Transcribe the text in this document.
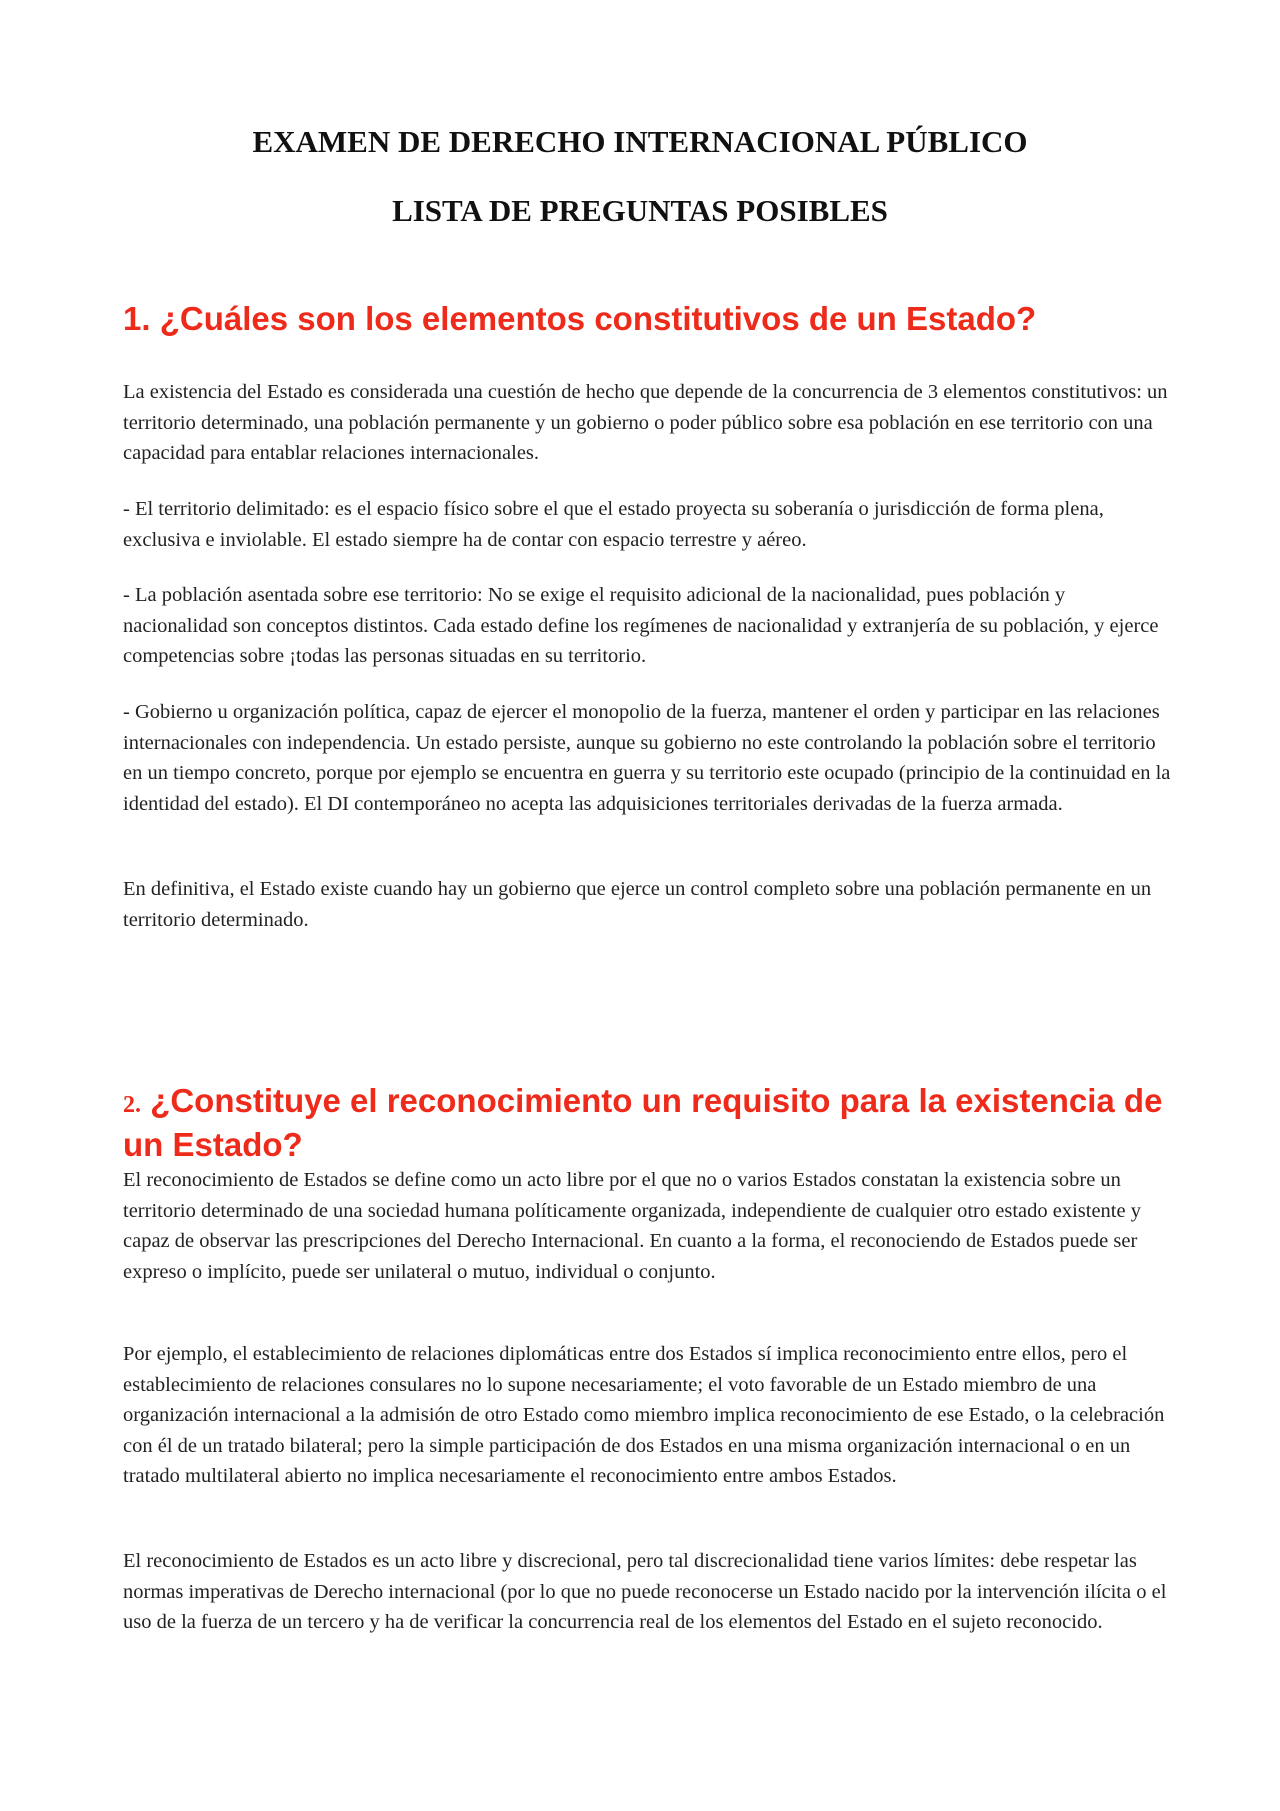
EXAMEN DE DERECHO INTERNACIONAL PÚBLICO
LISTA DE PREGUNTAS POSIBLES
1. ¿Cuáles son los elementos constitutivos de un Estado?

La existencia del Estado es considerada una cuestión de hecho que depende de la concurrencia de 3 elementos constitutivos: un territorio determinado, una población permanente y un gobierno o poder público sobre esa población en ese territorio con una capacidad para entablar relaciones internacionales.

- El territorio delimitado: es el espacio físico sobre el que el estado proyecta su soberanía o jurisdicción de forma plena, exclusiva e inviolable. El estado siempre ha de contar con espacio terrestre y aéreo.

- La población asentada sobre ese territorio: No se exige el requisito adicional de la nacionalidad, pues población y nacionalidad son conceptos distintos. Cada estado define los regímenes de nacionalidad y extranjería de su población, y ejerce competencias sobre ¡todas las personas situadas en su territorio.

- Gobierno u organización política, capaz de ejercer el monopolio de la fuerza, mantener el orden y participar en las relaciones internacionales con independencia. Un estado persiste, aunque su gobierno no este controlando la población sobre el territorio en un tiempo concreto, porque por ejemplo se encuentra en guerra y su territorio este ocupado (principio de la continuidad en la identidad del estado). El DI contemporáneo no acepta las adquisiciones territoriales derivadas de la fuerza armada.

En definitiva, el Estado existe cuando hay un gobierno que ejerce un control completo sobre una población permanente en un territorio determinado.

2. ¿Constituye el reconocimiento un requisito para la existencia de un Estado?

El reconocimiento de Estados se define como un acto libre por el que no o varios Estados constatan la existencia sobre un territorio determinado de una sociedad humana políticamente organizada, independiente de cualquier otro estado existente y capaz de observar las prescripciones del Derecho Internacional. En cuanto a la forma, el reconociendo de Estados puede ser expreso o implícito, puede ser unilateral o mutuo, individual o conjunto.

Por ejemplo, el establecimiento de relaciones diplomáticas entre dos Estados sí implica reconocimiento entre ellos, pero el establecimiento de relaciones consulares no lo supone necesariamente; el voto favorable de un Estado miembro de una organización internacional a la admisión de otro Estado como miembro implica reconocimiento de ese Estado, o la celebración con él de un tratado bilateral; pero la simple participación de dos Estados en una misma organización internacional o en un tratado multilateral abierto no implica necesariamente el reconocimiento entre ambos Estados.

El reconocimiento de Estados es un acto libre y discrecional, pero tal discrecionalidad tiene varios límites: debe respetar las normas imperativas de Derecho internacional (por lo que no puede reconocerse un Estado nacido por la intervención ilícita o el uso de la fuerza de un tercero y ha de verificar la concurrencia real de los elementos del Estado en el sujeto reconocido.
